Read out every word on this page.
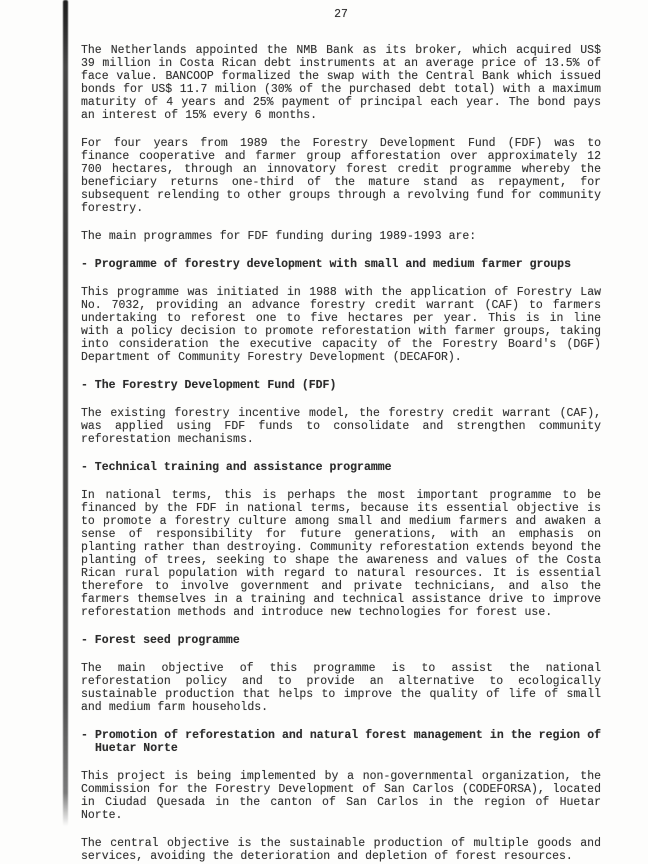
27
The Netherlands appointed the NMB Bank as its broker, which acquired US$ 39 million in Costa Rican debt instruments at an average price of 13.5% of face value. BANCOOP formalized the swap with the Central Bank which issued bonds for US$ 11.7 milion (30% of the purchased debt total) with a maximum maturity of 4 years and 25% payment of principal each year. The bond pays an interest of 15% every 6 months.
For four years from 1989 the Forestry Development Fund (FDF) was to finance cooperative and farmer group afforestation over approximately 12 700 hectares, through an innovatory forest credit programme whereby the beneficiary returns one-third of the mature stand as repayment, for subsequent relending to other groups through a revolving fund for community forestry.
The main programmes for FDF funding during 1989-1993 are:
- Programme of forestry development with small and medium farmer groups
This programme was initiated in 1988 with the application of Forestry Law No. 7032, providing an advance forestry credit warrant (CAF) to farmers undertaking to reforest one to five hectares per year. This is in line with a policy decision to promote reforestation with farmer groups, taking into consideration the executive capacity of the Forestry Board's (DGF) Department of Community Forestry Development (DECAFOR).
- The Forestry Development Fund (FDF)
The existing forestry incentive model, the forestry credit warrant (CAF), was applied using FDF funds to consolidate and strengthen community reforestation mechanisms.
- Technical training and assistance programme
In national terms, this is perhaps the most important programme to be financed by the FDF in national terms, because its essential objective is to promote a forestry culture among small and medium farmers and awaken a sense of responsibility for future generations, with an emphasis on planting rather than destroying. Community reforestation extends beyond the planting of trees, seeking to shape the awareness and values of the Costa Rican rural population with regard to natural resources. It is essential therefore to involve government and private technicians, and also the farmers themselves in a training and technical assistance drive to improve reforestation methods and introduce new technologies for forest use.
- Forest seed programme
The main objective of this programme is to assist the national reforestation policy and to provide an alternative to ecologically sustainable production that helps to improve the quality of life of small and medium farm households.
- Promotion of reforestation and natural forest management in the region of Huetar Norte
This project is being implemented by a non-governmental organization, the Commission for the Forestry Development of San Carlos (CODEFORSA), located in Ciudad Quesada in the canton of San Carlos in the region of Huetar Norte.
The central objective is the sustainable production of multiple goods and services, avoiding the deterioration and depletion of forest resources.
